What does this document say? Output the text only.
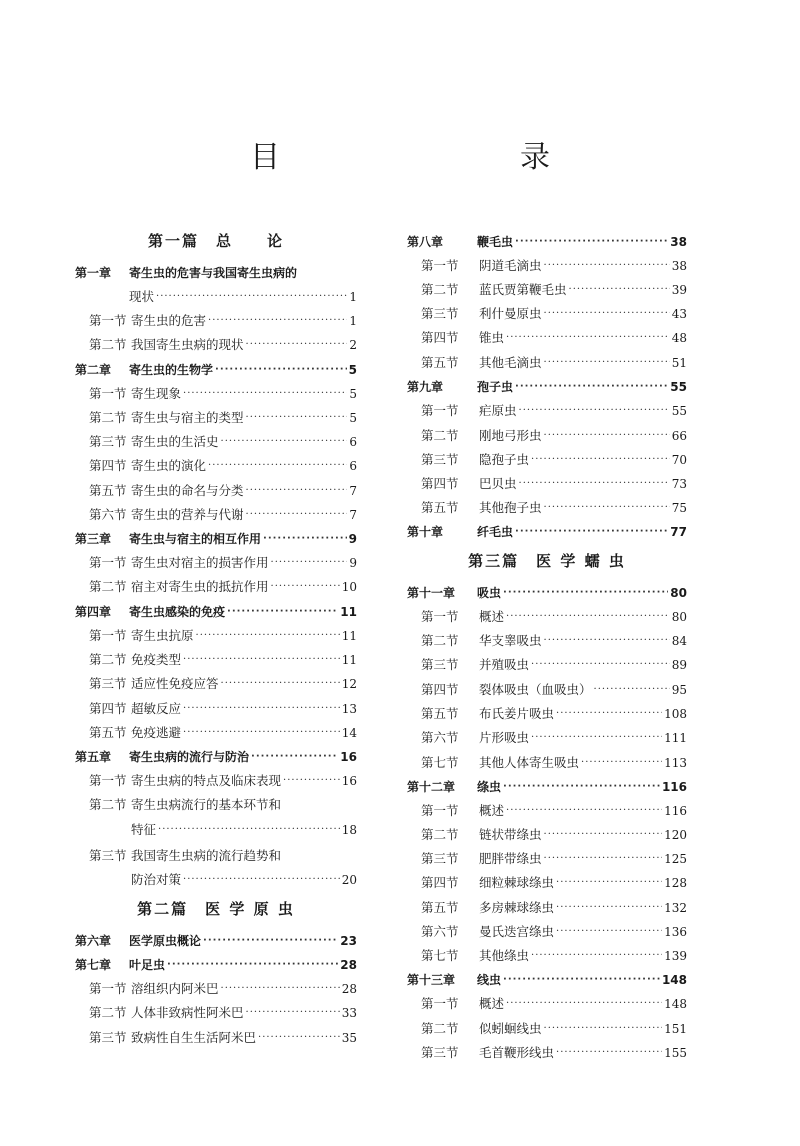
目　　录
第一篇　总　　论
第一章	寄生虫的危害与我国寄生虫病的
现状 ·····	1
第一节 寄生虫的危害 ·····	1
第二节 我国寄生虫病的现状 ·····	2
第二章	寄生虫的生物学 ·····	5
第一节 寄生现象 ·····	5
第二节 寄生虫与宿主的类型 ·····	5
第三节 寄生虫的生活史 ·····	6
第四节 寄生虫的演化 ·····	6
第五节 寄生虫的命名与分类 ·····	7
第六节 寄生虫的营养与代谢 ·····	7
第三章	寄生虫与宿主的相互作用 ·····	9
第一节 寄生虫对宿主的损害作用 ·····	9
第二节 宿主对寄生虫的抵抗作用 ·····	10
第四章	寄生虫感染的免疫 ·····	11
第一节 寄生虫抗原 ·····	11
第二节 免疫类型 ·····	11
第三节 适应性免疫应答 ·····	12
第四节 超敏反应 ·····	13
第五节 免疫逃避 ·····	14
第五章	寄生虫病的流行与防治 ·····	16
第一节 寄生虫病的特点及临床表现 ·····	16
第二节 寄生虫病流行的基本环节和
特征 ·····	18
第三节 我国寄生虫病的流行趋势和
防治对策 ·····	20
第二篇　医 学 原 虫
第六章	医学原虫概论 ·····	23
第七章	叶足虫 ·····	28
第一节 溶组织内阿米巴 ·····	28
第二节 人体非致病性阿米巴 ·····	33
第三节 致病性自生生活阿米巴 ·····	35
第八章	鞭毛虫 ·····	38
第一节	阴道毛滴虫 ·····	38
第二节	蓝氏贾第鞭毛虫 ·····	39
第三节	利什曼原虫 ·····	43
第四节	锥虫 ·····	48
第五节	其他毛滴虫 ·····	51
第九章	孢子虫 ·····	55
第一节	疟原虫 ·····	55
第二节	刚地弓形虫 ·····	66
第三节	隐孢子虫 ·····	70
第四节	巴贝虫 ·····	73
第五节	其他孢子虫 ·····	75
第十章	纤毛虫 ·····	77
第三篇　医 学 蠕 虫
第十一章	吸虫 ·····	80
第一节	概述 ·····	80
第二节	华支睾吸虫 ·····	84
第三节	并殖吸虫 ·····	89
第四节	裂体吸虫（血吸虫） ·····	95
第五节	布氏姜片吸虫 ·····	108
第六节	片形吸虫 ·····	111
第七节	其他人体寄生吸虫 ·····	113
第十二章	绦虫 ·····	116
第一节	概述 ·····	116
第二节	链状带绦虫 ·····	120
第三节	肥胖带绦虫 ·····	125
第四节	细粒棘球绦虫 ·····	128
第五节	多房棘球绦虫 ·····	132
第六节	曼氏迭宫绦虫 ·····	136
第七节	其他绦虫 ·····	139
第十三章	线虫 ·····	148
第一节	概述 ·····	148
第二节	似蚓蛔线虫 ·····	151
第三节	毛首鞭形线虫 ·····	155
